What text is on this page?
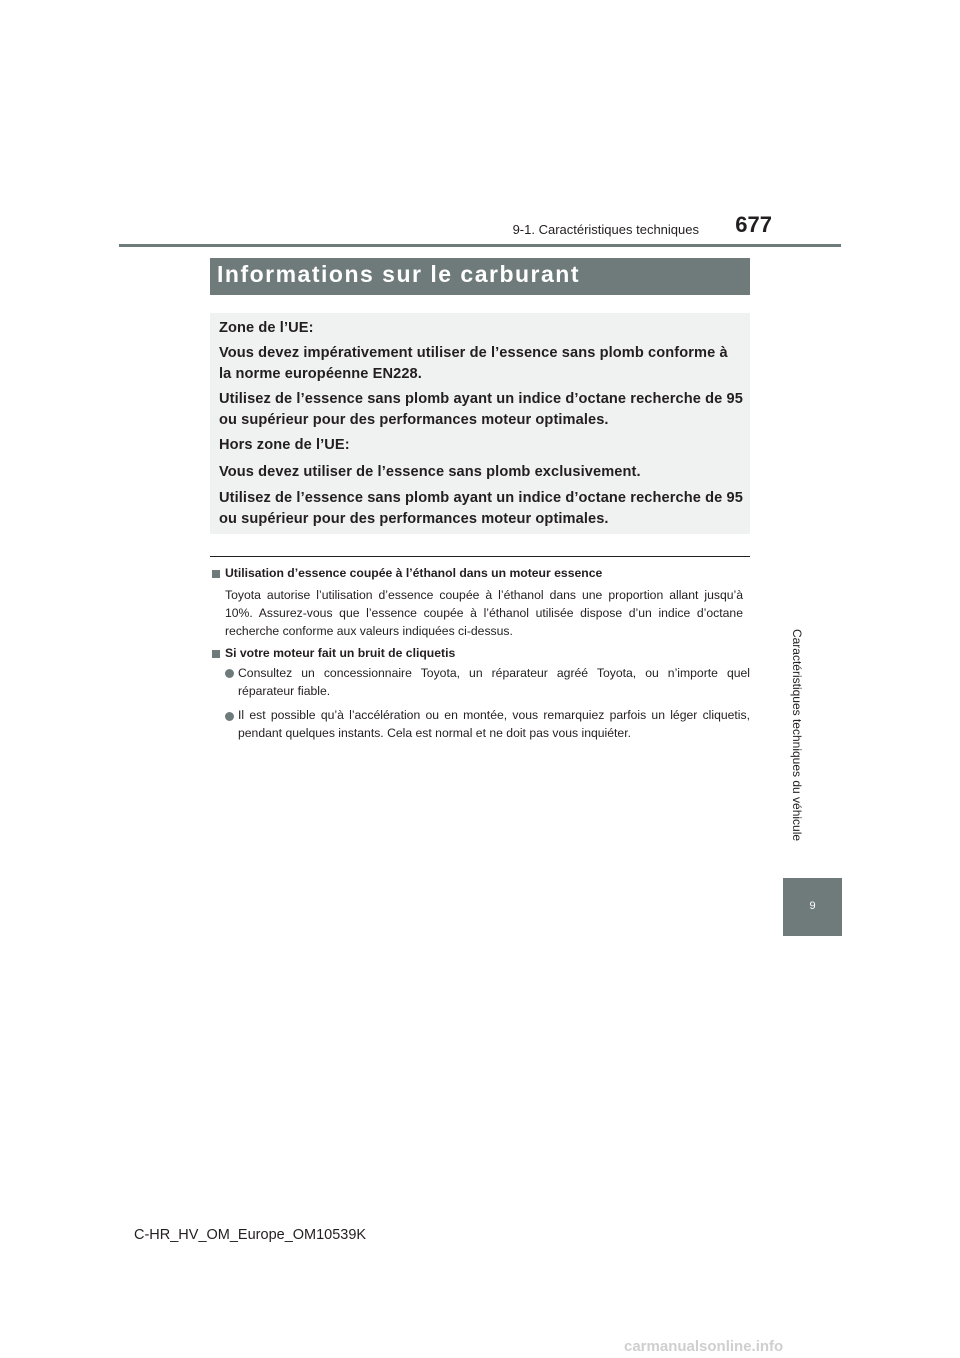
9-1. Caractéristiques techniques 677
Informations sur le carburant

Zone de l’UE:

Vous devez impérativement utiliser de l’essence sans plomb conforme à la norme européenne EN228.

Utilisez de l’essence sans plomb ayant un indice d’octane recherche de 95 ou supérieur pour des performances moteur optimales.

Hors zone de l’UE:

Vous devez utiliser de l’essence sans plomb exclusivement.

Utilisez de l’essence sans plomb ayant un indice d’octane recherche de 95 ou supérieur pour des performances moteur optimales.

Utilisation d’essence coupée à l’éthanol dans un moteur essence

Toyota autorise l’utilisation d’essence coupée à l’éthanol dans une proportion allant jusqu’à 10%. Assurez-vous que l’essence coupée à l’éthanol utilisée dispose d’un indice d’octane recherche conforme aux valeurs indiquées ci-dessus.

Si votre moteur fait un bruit de cliquetis

Consultez un concessionnaire Toyota, un réparateur agréé Toyota, ou n’importe quel réparateur fiable.

Il est possible qu’à l’accélération ou en montée, vous remarquiez parfois un léger cliquetis, pendant quelques instants. Cela est normal et ne doit pas vous inquiéter.	Caractéristiques techniques du véhicule
9
C-HR_HV_OM_Europe_OM10539K
carmanualsonline.info
